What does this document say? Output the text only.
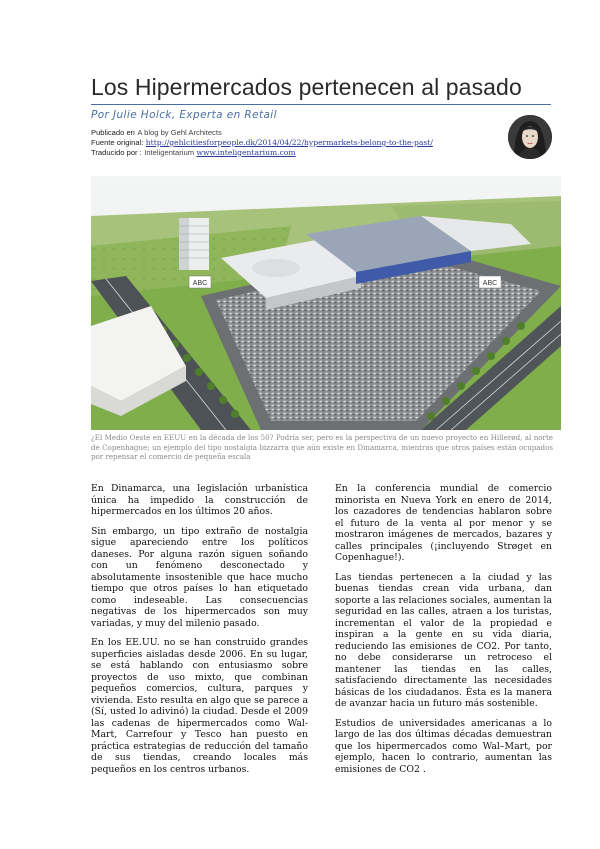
Los Hipermercados pertenecen al pasado
Por Julie Holck, Experta en Retail
Publicado en A blog by Gehl Architects
Fuente original: http://gehlcitiesforpeople.dk/2014/04/22/hypermarkets-belong-to-the-past/
Traducido por : Inteligentarium www.inteligentarium.com
ABC	ABC
¿El Medio Oeste en EEUU en la década de los 50? Podría ser, pero es la perspectiva de un nuevo proyecto en Hillerød, al norte de Copenhague; un ejemplo del tipo nostalgia bizzarra que aún existe en Dinamarca, mientras que otros países están ocupados por repensar el comercio de pequeña escala

En Dinamarca, una legislación urbanística única ha impedido la construcción de hipermercados en los últimos 20 años.

Sin embargo, un tipo extraño de nostalgia sigue apareciendo entre los políticos daneses. Por alguna razón siguen soñando con un fenómeno desconectado y absolutamente insostenible que hace mucho tiempo que otros países lo han etiquetado como indeseable. Las consecuencias negativas de los hipermercados son muy variadas, y muy del milenio pasado.

En los EE.UU. no se han construido grandes superficies aisladas desde 2006. En su lugar, se está hablando con entusiasmo sobre proyectos de uso mixto, que combinan pequeños comercios, cultura, parques y vivienda. Esto resulta en algo que se parece a (Sí, usted lo adivinó) la ciudad. Desde el 2009 las cadenas de hipermercados como Wal-Mart, Carrefour y Tesco han puesto en práctica estrategias de reducción del tamaño de sus tiendas, creando locales más pequeños en los centros urbanos.

En la conferencia mundial de comercio minorista en Nueva York en enero de 2014, los cazadores de tendencias hablaron sobre el futuro de la venta al por menor y se mostraron imágenes de mercados, bazares y calles principales (¡incluyendo Strøget en Copenhague!).

Las tiendas pertenecen a la ciudad y las buenas tiendas crean vida urbana, dan soporte a las relaciones sociales, aumentan la seguridad en las calles, atraen a los turistas, incrementan el valor de la propiedad e inspiran a la gente en su vida diaria, reduciendo las emisiones de CO2. Por tanto, no debe considerarse un retroceso el mantener las tiendas en las calles, satisfaciendo directamente las necesidades básicas de los ciudadanos. Ésta es la manera de avanzar hacia un futuro más sostenible.

Estudios de universidades americanas a lo largo de las dos últimas décadas demuestran que los hipermercados como Wal–Mart, por ejemplo, hacen lo contrario, aumentan las emisiones de CO2 .
